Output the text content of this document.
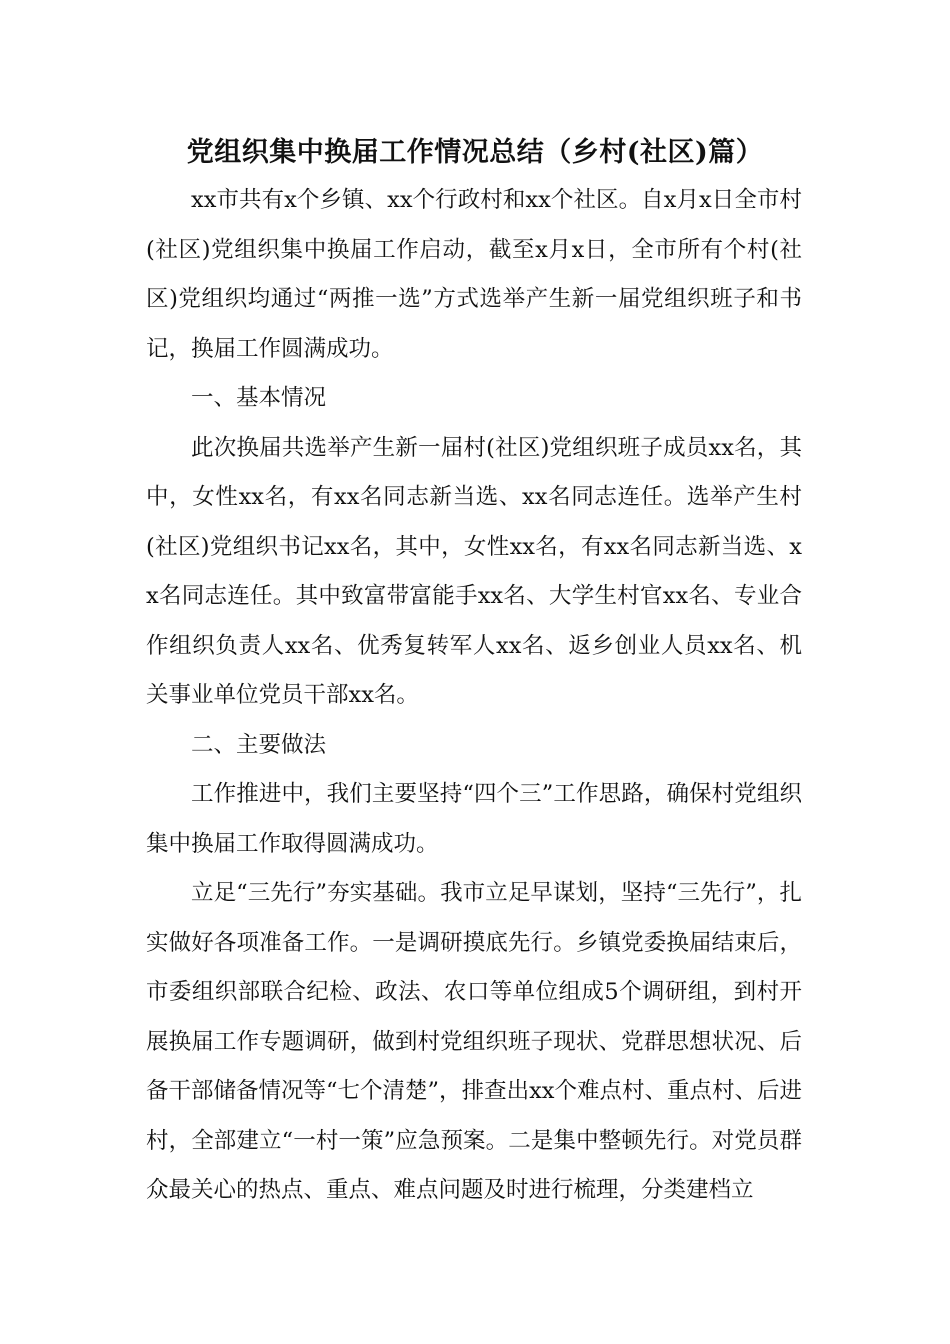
党组织集中换届工作情况总结（乡村(社区)篇）

xx市共有x个乡镇、xx个行政村和xx个社区。自x月x日全市村(社区)党组织集中换届工作启动，截至x月x日，全市所有个村(社区)党组织均通过“两推一选”方式选举产生新一届党组织班子和书记，换届工作圆满成功。

一、基本情况

此次换届共选举产生新一届村(社区)党组织班子成员xx名，其中，女性xx名，有xx名同志新当选、xx名同志连任。选举产生村(社区)党组织书记xx名，其中，女性xx名，有xx名同志新当选、xx名同志连任。其中致富带富能手xx名、大学生村官xx名、专业合作组织负责人xx名、优秀复转军人xx名、返乡创业人员xx名、机关事业单位党员干部xx名。

二、主要做法

工作推进中，我们主要坚持“四个三”工作思路，确保村党组织集中换届工作取得圆满成功。

立足“三先行”夯实基础。我市立足早谋划，坚持“三先行”，扎实做好各项准备工作。一是调研摸底先行。乡镇党委换届结束后，市委组织部联合纪检、政法、农口等单位组成5个调研组，到村开展换届工作专题调研，做到村党组织班子现状、党群思想状况、后备干部储备情况等“七个清楚”，排查出xx个难点村、重点村、后进村，全部建立“一村一策”应急预案。二是集中整顿先行。对党员群众最关心的热点、重点、难点问题及时进行梳理，分类建档立
